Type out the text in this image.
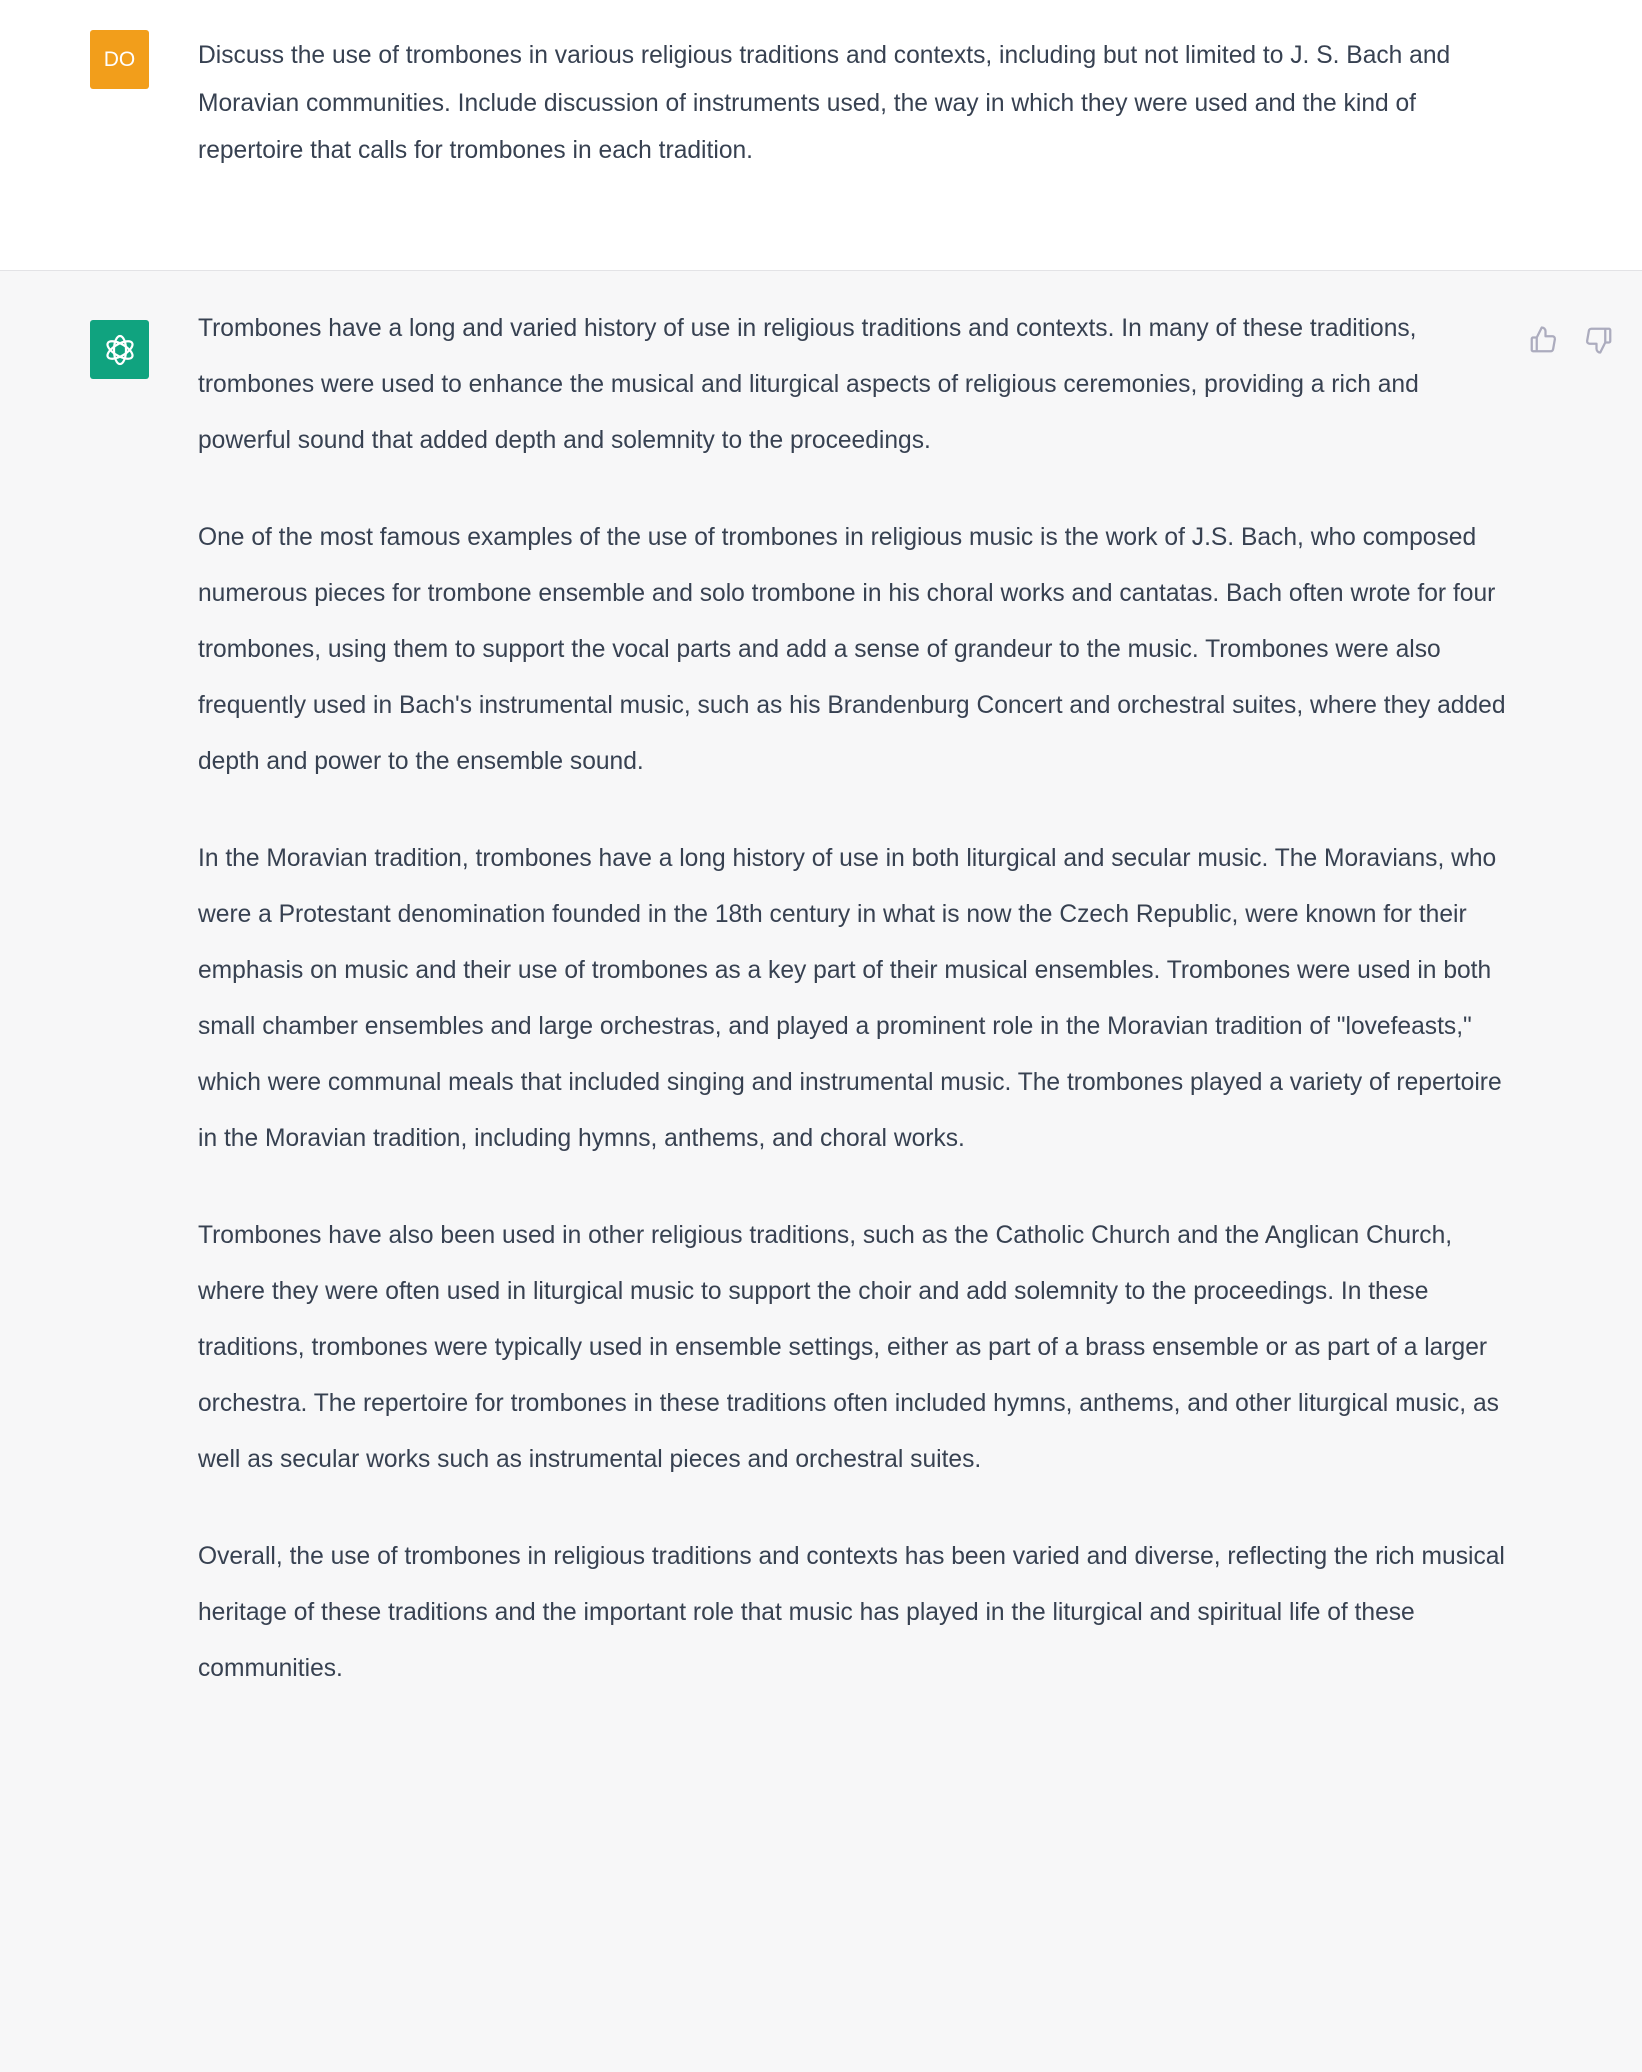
DO	Discuss the use of trombones in various religious traditions and contexts, including but not limited to J. S. Bach and Moravian communities. Include discussion of instruments used, the way in which they were used and the kind of repertoire that calls for trombones in each tradition.

Trombones have a long and varied history of use in religious traditions and contexts. In many of these traditions, trombones were used to enhance the musical and liturgical aspects of religious ceremonies, providing a rich and powerful sound that added depth and solemnity to the proceedings.

One of the most famous examples of the use of trombones in religious music is the work of J.S. Bach, who composed numerous pieces for trombone ensemble and solo trombone in his choral works and cantatas. Bach often wrote for four trombones, using them to support the vocal parts and add a sense of grandeur to the music. Trombones were also frequently used in Bach's instrumental music, such as his Brandenburg Concert and orchestral suites, where they added depth and power to the ensemble sound.

In the Moravian tradition, trombones have a long history of use in both liturgical and secular music. The Moravians, who were a Protestant denomination founded in the 18th century in what is now the Czech Republic, were known for their emphasis on music and their use of trombones as a key part of their musical ensembles. Trombones were used in both small chamber ensembles and large orchestras, and played a prominent role in the Moravian tradition of "lovefeasts," which were communal meals that included singing and instrumental music. The trombones played a variety of repertoire in the Moravian tradition, including hymns, anthems, and choral works.

Trombones have also been used in other religious traditions, such as the Catholic Church and the Anglican Church, where they were often used in liturgical music to support the choir and add solemnity to the proceedings. In these traditions, trombones were typically used in ensemble settings, either as part of a brass ensemble or as part of a larger orchestra. The repertoire for trombones in these traditions often included hymns, anthems, and other liturgical music, as well as secular works such as instrumental pieces and orchestral suites.

Overall, the use of trombones in religious traditions and contexts has been varied and diverse, reflecting the rich musical heritage of these traditions and the important role that music has played in the liturgical and spiritual life of these communities.
